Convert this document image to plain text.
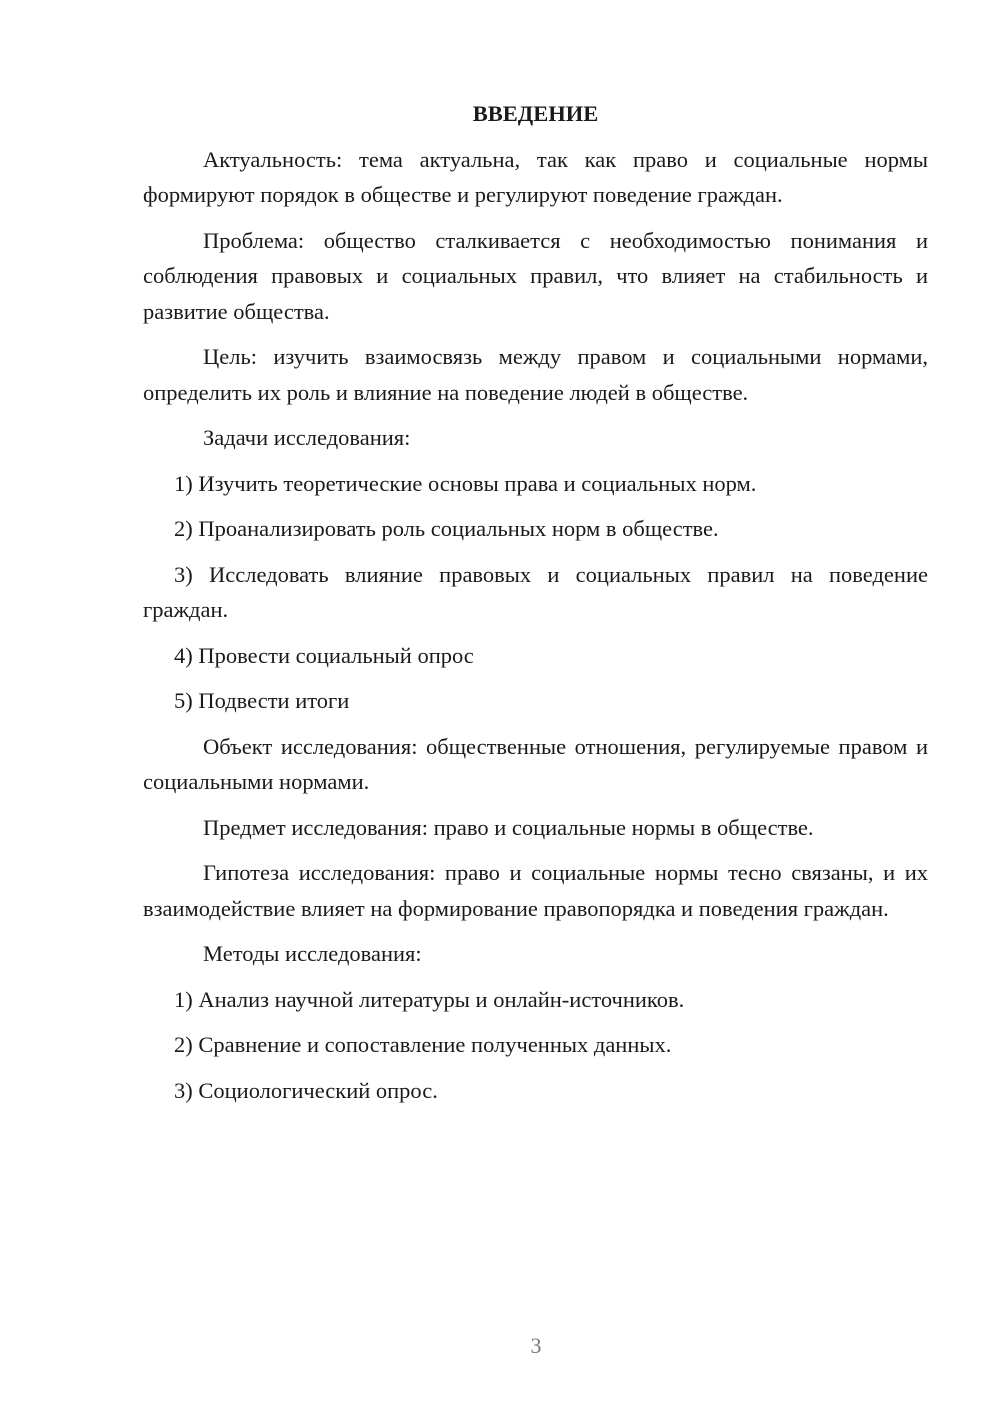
ВВЕДЕНИЕ

Актуальность: тема актуальна, так как право и социальные нормы формируют порядок в обществе и регулируют поведение граждан.

Проблема: общество сталкивается с необходимостью понимания и соблюдения правовых и социальных правил, что влияет на стабильность и развитие общества.

Цель: изучить взаимосвязь между правом и социальными нормами, определить их роль и влияние на поведение людей в обществе.

Задачи исследования:

1) Изучить теоретические основы права и социальных норм.

2) Проанализировать роль социальных норм в обществе.

3) Исследовать влияние правовых и социальных правил на поведение граждан.

4) Провести социальный опрос

5) Подвести итоги

Объект исследования: общественные отношения, регулируемые правом и социальными нормами.

Предмет исследования: право и социальные нормы в обществе.

Гипотеза исследования: право и социальные нормы тесно связаны, и их взаимодействие влияет на формирование правопорядка и поведения граждан.

Методы исследования:

1) Анализ научной литературы и онлайн-источников.

2) Сравнение и сопоставление полученных данных.

3) Социологический опрос.

3
